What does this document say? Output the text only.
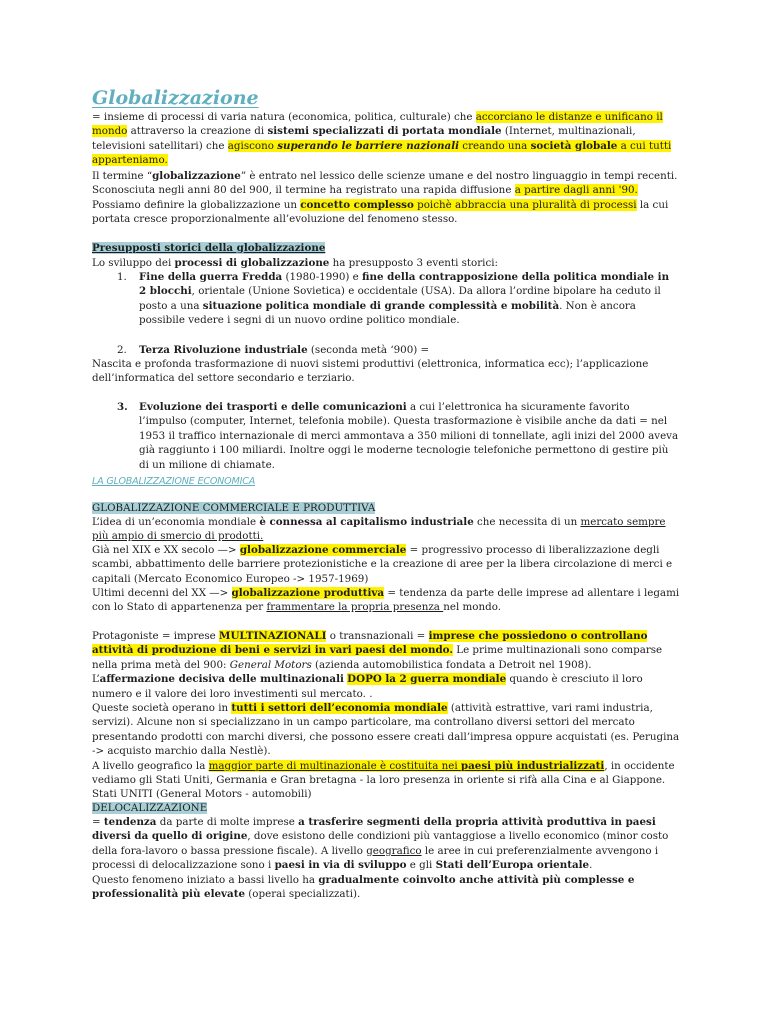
Globalizzazione

= insieme di processi di varia natura (economica, politica, culturale) che accorciano le distanze e unificano il mondo attraverso la creazione di sistemi specializzati di portata mondiale (Internet, multinazionali, televisioni satellitari) che agiscono superando le barriere nazionali creando una società globale a cui tutti apparteniamo.

Il termine “globalizzazione” è entrato nel lessico delle scienze umane e del nostro linguaggio in tempi recenti. Sconosciuta negli anni 80 del 900, il termine ha registrato una rapida diffusione a partire dagli anni '90.
Possiamo definire la globalizzazione un concetto complesso poichè abbraccia una pluralità di processi la cui portata cresce proporzionalmente all’evoluzione del fenomeno stesso.

Presupposti storici della globalizzazione

Lo sviluppo dei processi di globalizzazione ha presupposto 3 eventi storici:

1.	Fine della guerra Fredda (1980-1990) e fine della contrapposizione della politica mondiale in 2 blocchi, orientale (Unione Sovietica) e occidentale (USA). Da allora l’ordine bipolare ha ceduto il posto a una situazione politica mondiale di grande complessità e mobilità. Non è ancora possibile vedere i segni di un nuovo ordine politico mondiale.

2.	Terza Rivoluzione industriale (seconda metà ‘900) =

Nascita e profonda trasformazione di nuovi sistemi produttivi (elettronica, informatica ecc); l’applicazione dell’informatica del settore secondario e terziario.

3.	Evoluzione dei trasporti e delle comunicazioni a cui l’elettronica ha sicuramente favorito l’impulso (computer, Internet, telefonia mobile). Questa trasformazione è visibile anche da dati = nel 1953 il traffico internazionale di merci ammontava a 350 milioni di tonnellate, agli inizi del 2000 aveva già raggiunto i 100 miliardi. Inoltre oggi le moderne tecnologie telefoniche permettono di gestire più di un milione di chiamate.

LA GLOBALIZZAZIONE ECONOMICA

GLOBALIZZAZIONE COMMERCIALE E PRODUTTIVA

L’idea di un’economia mondiale è connessa al capitalismo industriale che necessita di un mercato sempre più ampio di smercio di prodotti.

Già nel XIX e XX secolo —> globalizzazione commerciale = progressivo processo di liberalizzazione degli scambi, abbattimento delle barriere protezionistiche e la creazione di aree per la libera circolazione di merci e capitali (Mercato Economico Europeo -> 1957-1969)

Ultimi decenni del XX —> globalizzazione produttiva = tendenza da parte delle imprese ad allentare i legami con lo Stato di appartenenza per frammentare la propria presenza nel mondo.

Protagoniste = imprese MULTINAZIONALI o transnazionali = imprese che possiedono o controllano attività di produzione di beni e servizi in vari paesi del mondo. Le prime multinazionali sono comparse nella prima metà del 900: General Motors (azienda automobilistica fondata a Detroit nel 1908).
L’affermazione decisiva delle multinazionali DOPO la 2 guerra mondiale quando è cresciuto il loro numero e il valore dei loro investimenti sul mercato. .
Queste società operano in tutti i settori dell’economia mondiale (attività estrattive, vari rami industria, servizi). Alcune non si specializzano in un campo particolare, ma controllano diversi settori del mercato presentando prodotti con marchi diversi, che possono essere creati dall’impresa oppure acquistati (es. Perugina -> acquisto marchio dalla Nestlè).
A livello geografico la maggior parte di multinazionale è costituita nei paesi più industrializzati, in occidente vediamo gli Stati Uniti, Germania e Gran bretagna - la loro presenza in oriente si rifà alla Cina e al Giappone.
Stati UNITI (General Motors - automobili)

DELOCALIZZAZIONE

= tendenza da parte di molte imprese a trasferire segmenti della propria attività produttiva in paesi diversi da quello di origine, dove esistono delle condizioni più vantaggiose a livello economico (minor costo della fora-lavoro o bassa pressione fiscale). A livello geografico le aree in cui preferenzialmente avvengono i processi di delocalizzazione sono i paesi in via di sviluppo e gli Stati dell’Europa orientale.
Questo fenomeno iniziato a bassi livello ha gradualmente coinvolto anche attività più complesse e professionalità più elevate (operai specializzati).
